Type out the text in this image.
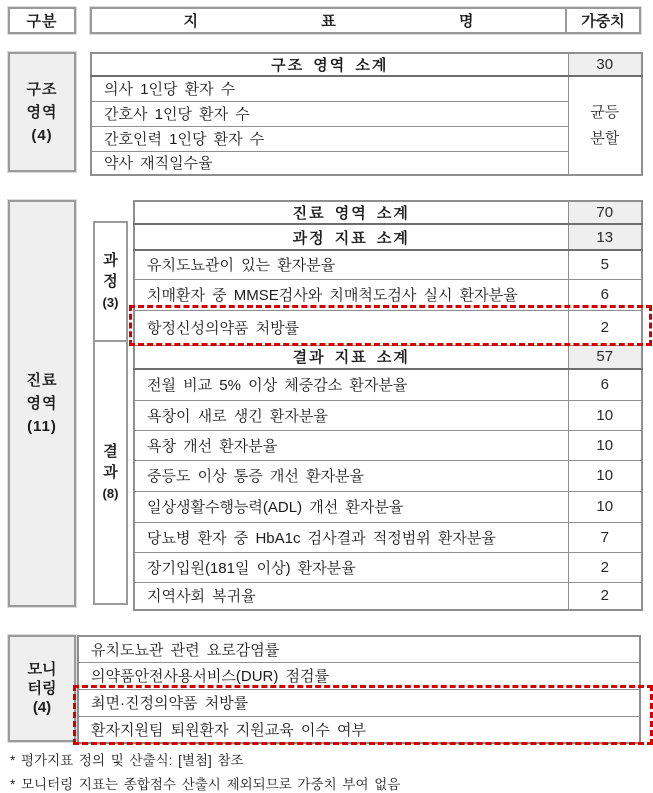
구분	지	표	명	가중치
구조
영역
(4)
구조 영역 소계	30
의사 1인당 환자 수	균등
분할

간호사 1인당 환자 수	
간호인력 1인당 환자 수	
약사 재직일수율	
진료
영역
(11)
과
정
(3)
결
과
(8)
진료 영역 소계	70
과정 지표 소계	13
유치도뇨관이 있는 환자분율	5
치매환자 중 MMSE검사와 치매척도검사 실시 환자분율	6
항정신성의약품 처방률	2
결과 지표 소계	57
전월 비교 5% 이상 체중감소 환자분율	6
욕창이 새로 생긴 환자분율	10
욕창 개선 환자분율	10
중등도 이상 통증 개선 환자분율	10
일상생활수행능력(ADL) 개선 환자분율	10
당뇨병 환자 중 HbA1c 검사결과 적정범위 환자분율	7
장기입원(181일 이상) 환자분율	2
지역사회 복귀율	2
모니
터링
(4)
유치도뇨관 관련 요로감염률
의약품안전사용서비스(DUR) 점검률
최면·진정의약품 처방률
환자지원팀 퇴원환자 지원교육 이수 여부
* 평가지표 정의 및 산출식: [별첨] 참조
* 모니터링 지표는 종합점수 산출시 제외되므로 가중치 부여 없음
